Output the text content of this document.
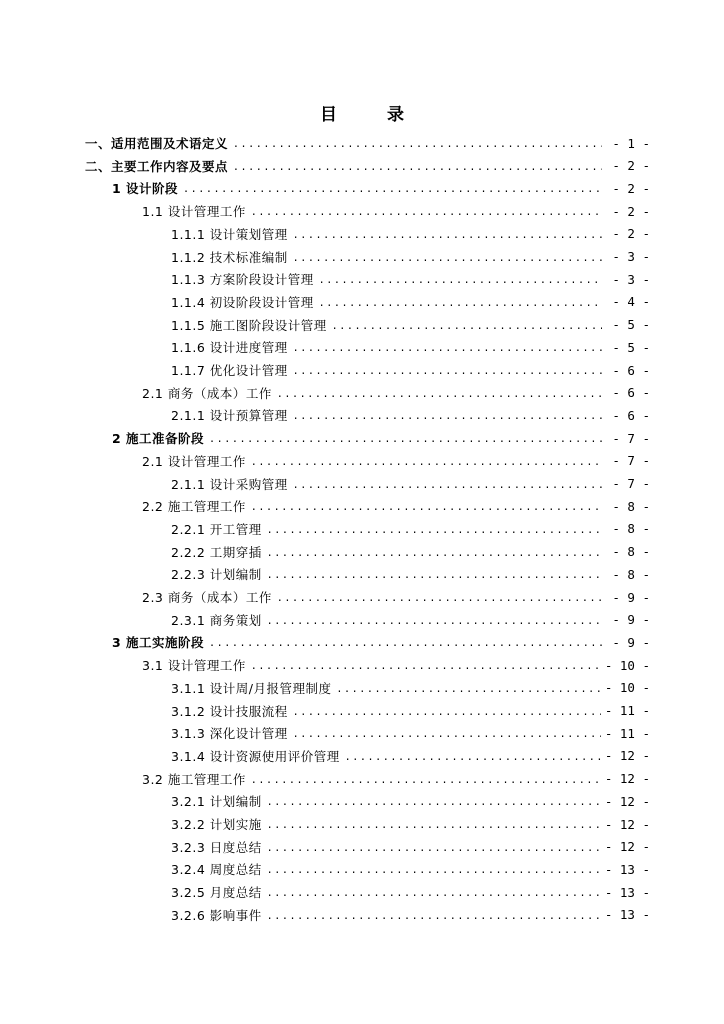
目 录
一、适用范围及术语定义 . . .	- 1 -
二、主要工作内容及要点 . . .	- 2 -
1 设计阶段 . . .	- 2 -
1.1 设计管理工作 . . .	- 2 -
1.1.1 设计策划管理 . . .	- 2 -
1.1.2 技术标准编制 . . .	- 3 -
1.1.3 方案阶段设计管理 . . .	- 3 -
1.1.4 初设阶段设计管理 . . .	- 4 -
1.1.5 施工图阶段设计管理 . . .	- 5 -
1.1.6 设计进度管理 . . .	- 5 -
1.1.7 优化设计管理 . . .	- 6 -
2.1 商务（成本）工作 . . .	- 6 -
2.1.1 设计预算管理 . . .	- 6 -
2 施工准备阶段 . . .	- 7 -
2.1 设计管理工作 . . .	- 7 -
2.1.1 设计采购管理 . . .	- 7 -
2.2 施工管理工作 . . .	- 8 -
2.2.1 开工管理 . . .	- 8 -
2.2.2 工期穿插 . . .	- 8 -
2.2.3 计划编制 . . .	- 8 -
2.3 商务（成本）工作 . . .	- 9 -
2.3.1 商务策划 . . .	- 9 -
3 施工实施阶段 . . .	- 9 -
3.1 设计管理工作 . . .	- 10 -
3.1.1 设计周/月报管理制度 . . .	- 10 -
3.1.2 设计技服流程 . . .	- 11 -
3.1.3 深化设计管理 . . .	- 11 -
3.1.4 设计资源使用评价管理 . . .	- 12 -
3.2 施工管理工作 . . .	- 12 -
3.2.1 计划编制 . . .	- 12 -
3.2.2 计划实施 . . .	- 12 -
3.2.3 日度总结 . . .	- 12 -
3.2.4 周度总结 . . .	- 13 -
3.2.5 月度总结 . . .	- 13 -
3.2.6 影响事件 . . .	- 13 -
